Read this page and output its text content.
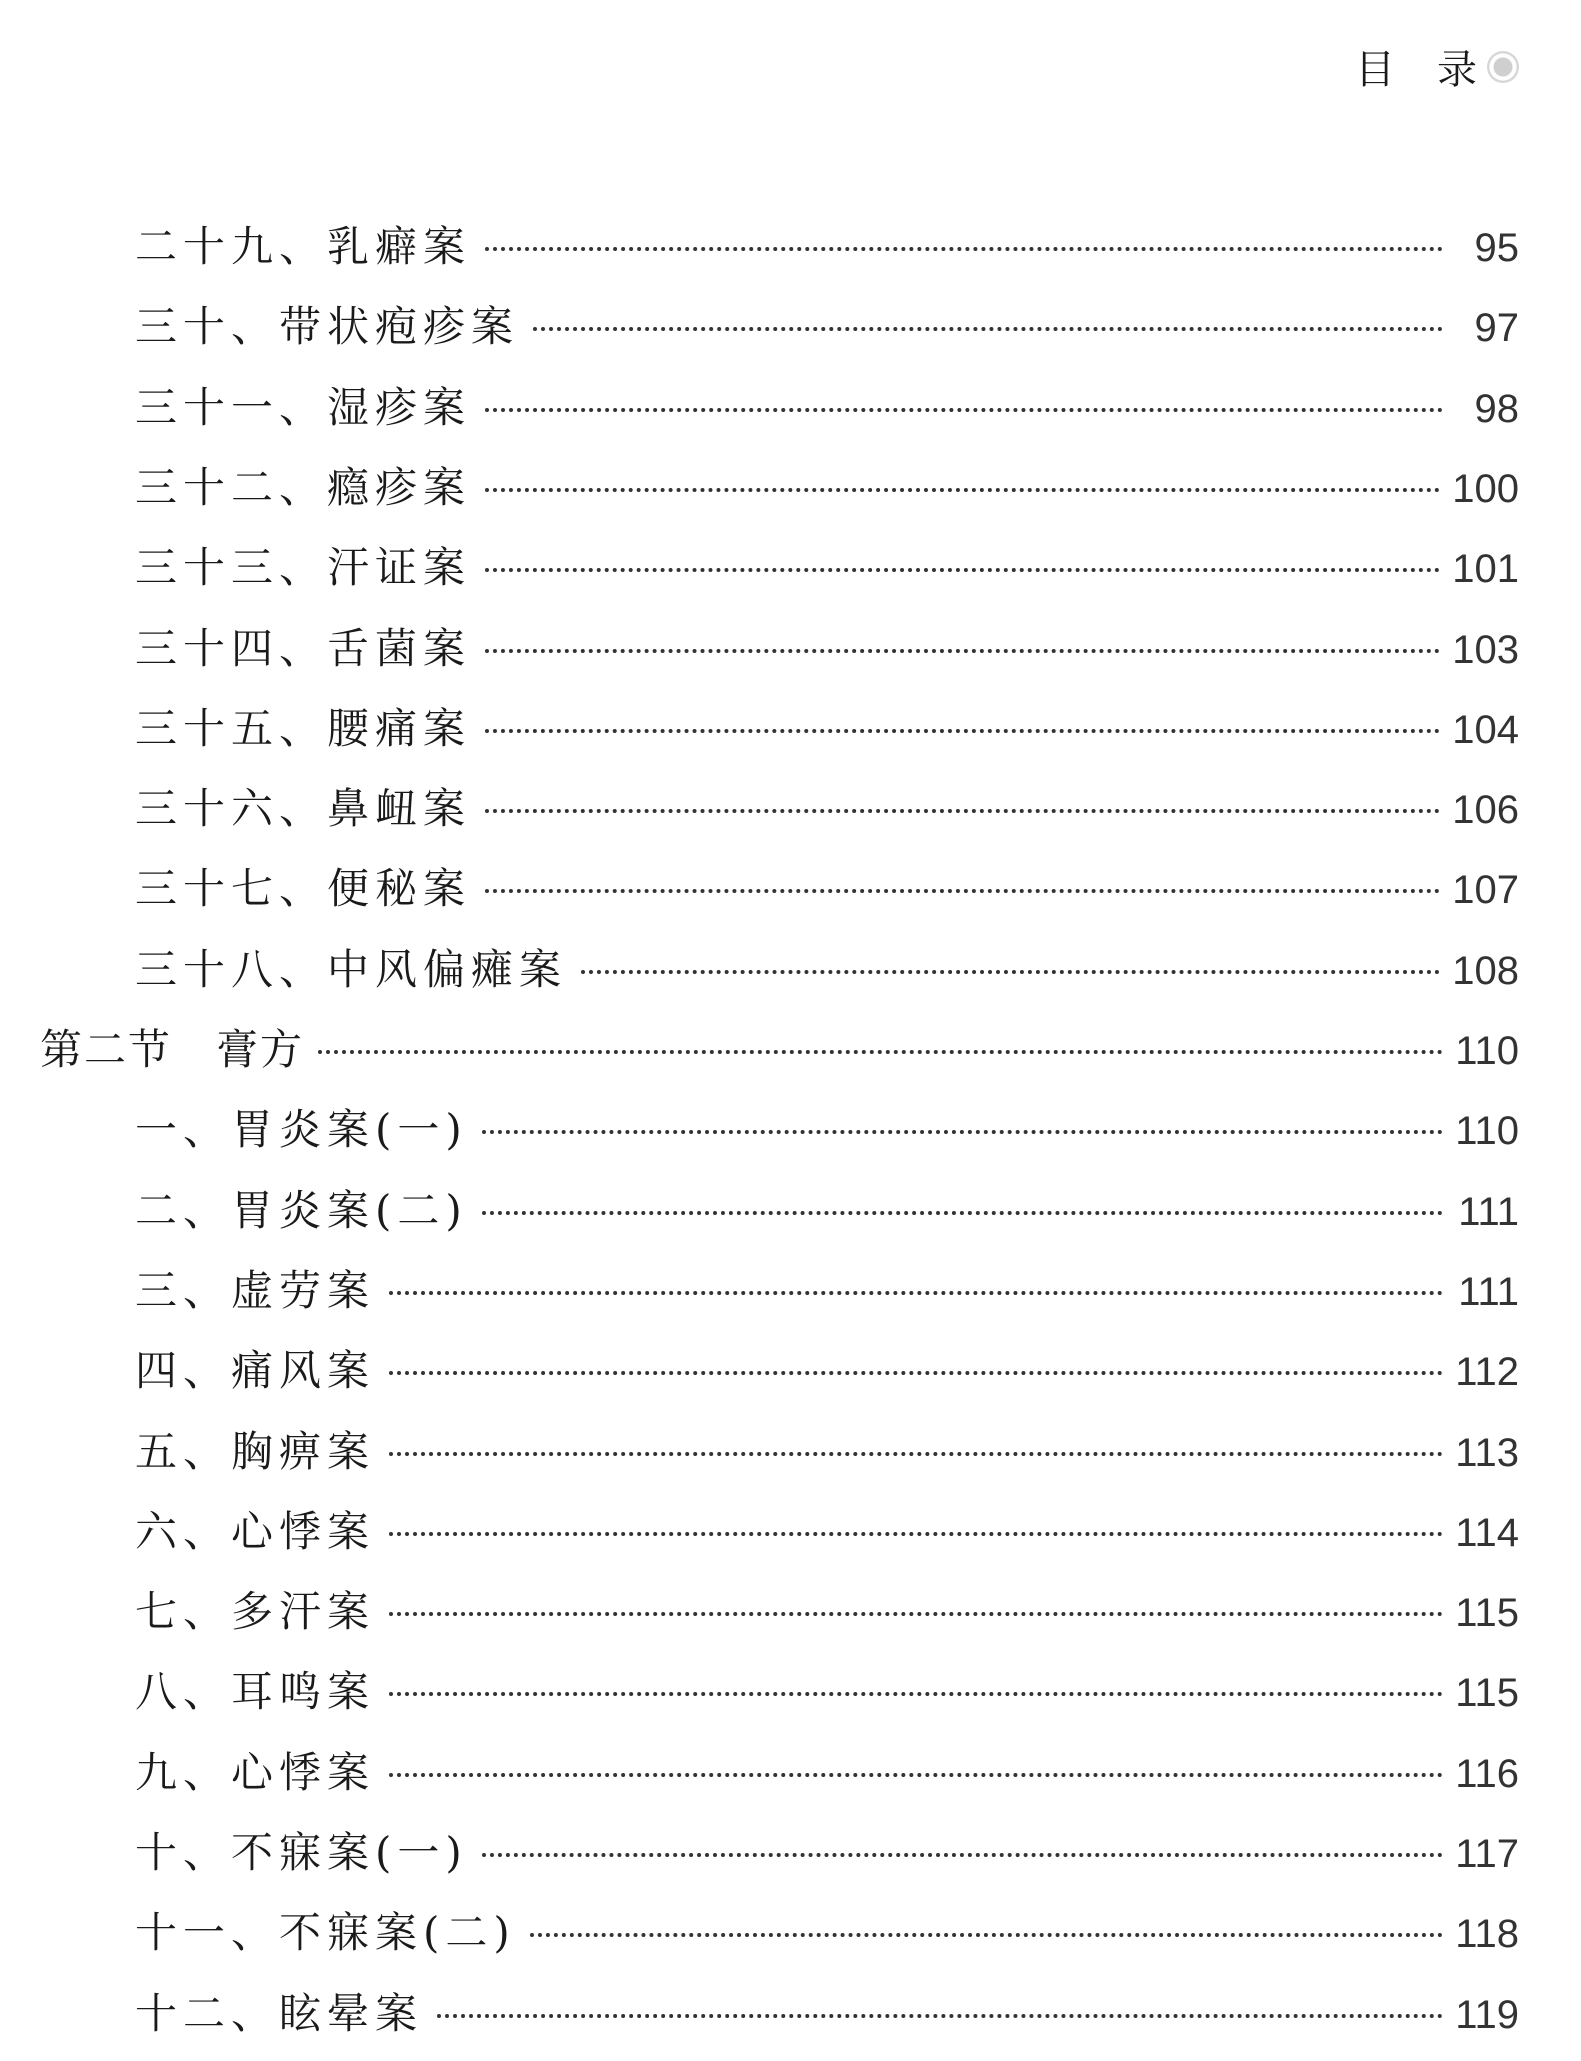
目 录
二十九、乳癖案	95
三十、带状疱疹案	97
三十一、湿疹案	98
三十二、瘾疹案	100
三十三、汗证案	101
三十四、舌菌案	103
三十五、腰痛案	104
三十六、鼻衄案	106
三十七、便秘案	107
三十八、中风偏瘫案	108
第二节　膏方	110
一、胃炎案(一)	110
二、胃炎案(二)	111
三、虚劳案	111
四、痛风案	112
五、胸痹案	113
六、心悸案	114
七、多汗案	115
八、耳鸣案	115
九、心悸案	116
十、不寐案(一)	117
十一、不寐案(二)	118
十二、眩晕案	119
